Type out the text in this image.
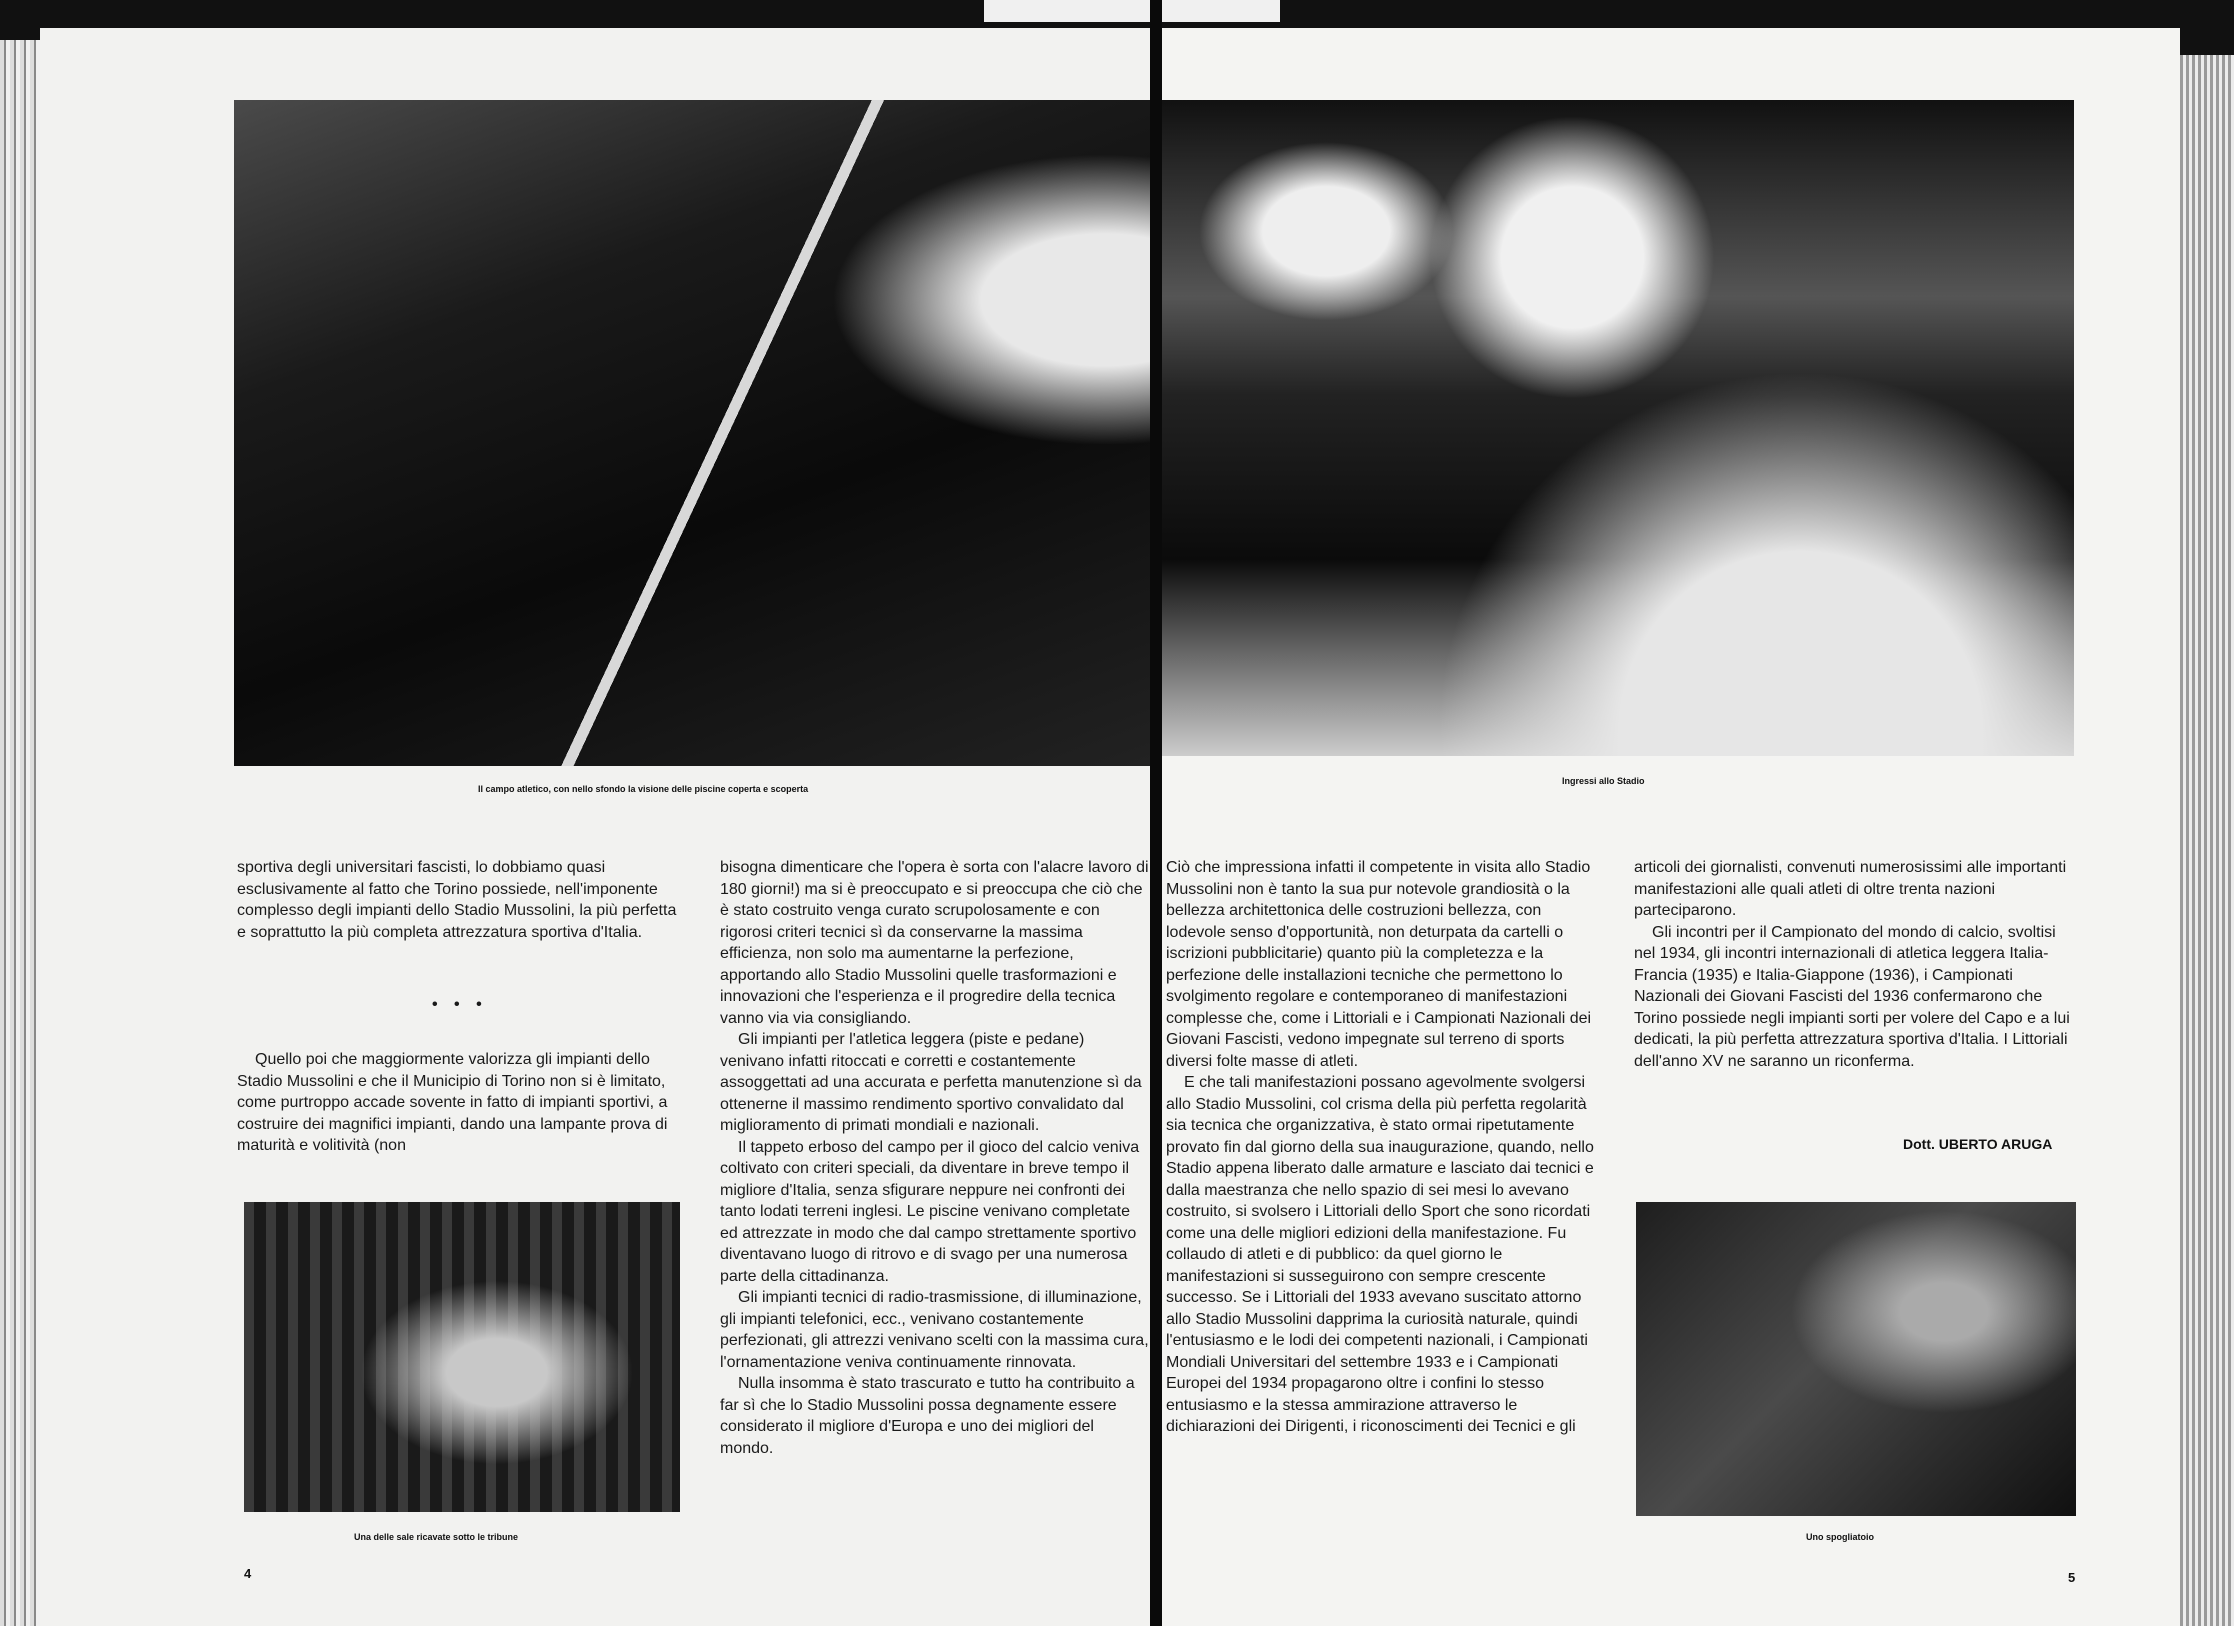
Il campo atletico, con nello sfondo la visione delle piscine coperta e scoperta
Ingressi allo Stadio
Una delle sale ricavate sotto le tribune	Uno spogliatoio

sportiva degli universitari fascisti, lo dobbiamo quasi esclusivamente al fatto che Torino possiede, nell'imponente complesso degli impianti dello Stadio Mussolini, la più perfetta e soprattutto la più completa attrezzatura sportiva d'Italia.

• • •

Quello poi che maggiormente valorizza gli impianti dello Stadio Mussolini e che il Municipio di Torino non si è limitato, come purtroppo accade sovente in fatto di impianti sportivi, a costruire dei magnifici impianti, dando una lampante prova di maturità e volitività (non

bisogna dimenticare che l'opera è sorta con l'alacre lavoro di 180 giorni!) ma si è preoccupato e si preoccupa che ciò che è stato costruito venga curato scrupolosamente e con rigorosi criteri tecnici sì da conservarne la massima efficienza, non solo ma aumentarne la perfezione, apportando allo Stadio Mussolini quelle trasformazioni e innovazioni che l'esperienza e il progredire della tecnica vanno via via consigliando.

Gli impianti per l'atletica leggera (piste e pedane) venivano infatti ritoccati e corretti e costantemente assoggettati ad una accurata e perfetta manutenzione sì da ottenerne il massimo rendimento sportivo convalidato dal miglioramento di primati mondiali e nazionali.

Il tappeto erboso del campo per il gioco del calcio veniva coltivato con criteri speciali, da diventare in breve tempo il migliore d'Italia, senza sfigurare neppure nei confronti dei tanto lodati terreni inglesi. Le piscine venivano completate ed attrezzate in modo che dal campo strettamente sportivo diventavano luogo di ritrovo e di svago per una numerosa parte della cittadinanza.

Gli impianti tecnici di radio-trasmissione, di illuminazione, gli impianti telefonici, ecc., venivano costantemente perfezionati, gli attrezzi venivano scelti con la massima cura, l'ornamentazione veniva continuamente rinnovata.

Nulla insomma è stato trascurato e tutto ha contribuito a far sì che lo Stadio Mussolini possa degnamente essere considerato il migliore d'Europa e uno dei migliori del mondo.

Ciò che impressiona infatti il competente in visita allo Stadio Mussolini non è tanto la sua pur notevole grandiosità o la bellezza architettonica delle costruzioni bellezza, con lodevole senso d'opportunità, non deturpata da cartelli o iscrizioni pubblicitarie) quanto più la completezza e la perfezione delle installazioni tecniche che permettono lo svolgimento regolare e contemporaneo di manifestazioni complesse che, come i Littoriali e i Campionati Nazionali dei Giovani Fascisti, vedono impegnate sul terreno di sports diversi folte masse di atleti.

E che tali manifestazioni possano agevolmente svolgersi allo Stadio Mussolini, col crisma della più perfetta regolarità sia tecnica che organizzativa, è stato ormai ripetutamente provato fin dal giorno della sua inaugurazione, quando, nello Stadio appena liberato dalle armature e lasciato dai tecnici e dalla maestranza che nello spazio di sei mesi lo avevano costruito, si svolsero i Littoriali dello Sport che sono ricordati come una delle migliori edizioni della manifestazione. Fu collaudo di atleti e di pubblico: da quel giorno le manifestazioni si susseguirono con sempre crescente successo. Se i Littoriali del 1933 avevano suscitato attorno allo Stadio Mussolini dapprima la curiosità naturale, quindi l'entusiasmo e le lodi dei competenti nazionali, i Campionati Mondiali Universitari del settembre 1933 e i Campionati Europei del 1934 propagarono oltre i confini lo stesso entusiasmo e la stessa ammirazione attraverso le dichiarazioni dei Dirigenti, i riconoscimenti dei Tecnici e gli

articoli dei giornalisti, convenuti numerosissimi alle importanti manifestazioni alle quali atleti di oltre trenta nazioni parteciparono.

Gli incontri per il Campionato del mondo di calcio, svoltisi nel 1934, gli incontri internazionali di atletica leggera Italia-Francia (1935) e Italia-Giappone (1936), i Campionati Nazionali dei Giovani Fascisti del 1936 confermarono che Torino possiede negli impianti sorti per volere del Capo e a lui dedicati, la più perfetta attrezzatura sportiva d'Italia. I Littoriali dell'anno XV ne saranno un riconferma.

Dott. UBERTO ARUGA
4	5
